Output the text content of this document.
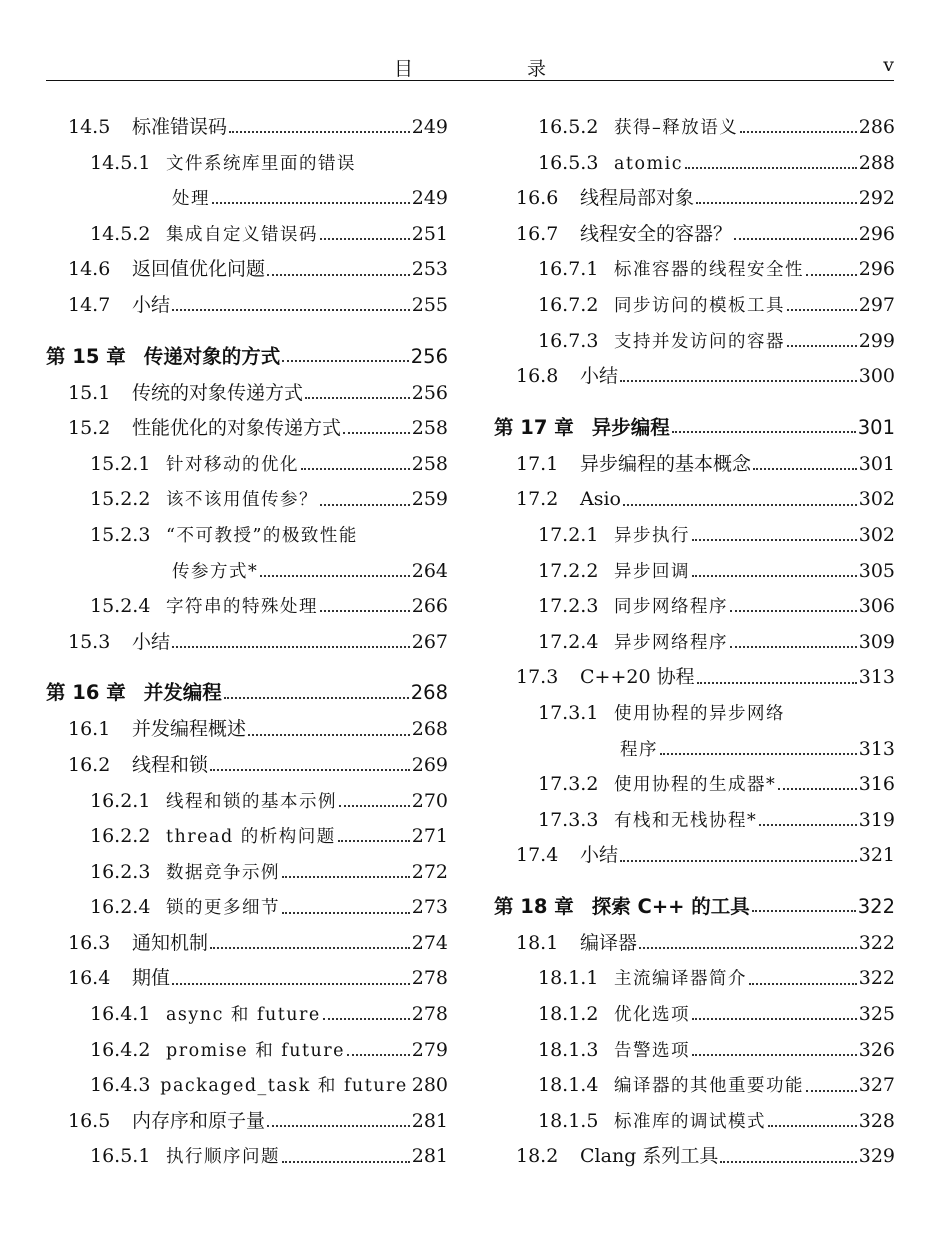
目 录	v
14.5	标准错误码	249
14.5.1 文件系统库里面的错误
处理	249
14.5.2 集成自定义错误码	251
14.6	返回值优化问题	253
14.7	小结	255
第 15 章 传递对象的方式	256
15.1	传统的对象传递方式	256
15.2	性能优化的对象传递方式	258
15.2.1 针对移动的优化	258
15.2.2 该不该用值传参？	259
15.2.3 “不可教授”的极致性能
传参方式*	264
15.2.4 字符串的特殊处理	266
15.3	小结	267
第 16 章 并发编程	268
16.1	并发编程概述	268
16.2	线程和锁	269
16.2.1 线程和锁的基本示例	270
16.2.2 thread 的析构问题	271
16.2.3 数据竞争示例	272
16.2.4 锁的更多细节	273
16.3	通知机制	274
16.4	期值	278
16.4.1 async 和 future	278
16.4.2 promise 和 future	279
16.4.3 packaged_task 和 future 280
16.5	内存序和原子量	281
16.5.1 执行顺序问题	281
16.5.2 获得–释放语义	286
16.5.3 atomic	288
16.6	线程局部对象	292
16.7	线程安全的容器？	296
16.7.1 标准容器的线程安全性	296
16.7.2 同步访问的模板工具	297
16.7.3 支持并发访问的容器	299
16.8	小结	300
第 17 章 异步编程	301
17.1	异步编程的基本概念	301
17.2	Asio	302
17.2.1 异步执行	302
17.2.2 异步回调	305
17.2.3 同步网络程序	306
17.2.4 异步网络程序	309
17.3	C++20 协程	313
17.3.1 使用协程的异步网络
程序	313
17.3.2 使用协程的生成器*	316
17.3.3 有栈和无栈协程*	319
17.4	小结	321
第 18 章 探索 C++ 的工具	322
18.1	编译器	322
18.1.1 主流编译器简介	322
18.1.2 优化选项	325
18.1.3 告警选项	326
18.1.4 编译器的其他重要功能	327
18.1.5 标准库的调试模式	328
18.2	Clang 系列工具	329
